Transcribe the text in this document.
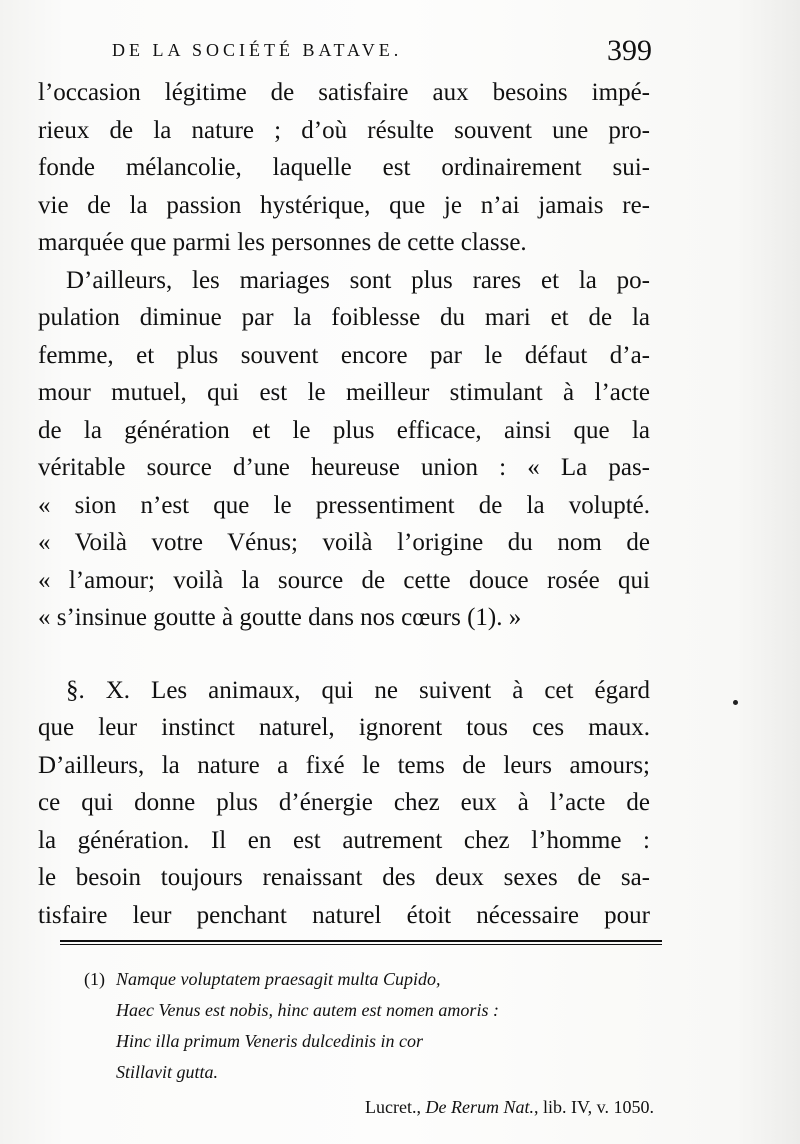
DE LA SOCIÉTÉ BATAVE.	399
l’occasion légitime de satisfaire aux besoins impé-
rieux de la nature ; d’où résulte souvent une pro-
fonde mélancolie, laquelle est ordinairement sui-
vie de la passion hystérique, que je n’ai jamais re-
marquée que parmi les personnes de cette classe.
D’ailleurs, les mariages sont plus rares et la po-
pulation diminue par la foiblesse du mari et de la
femme, et plus souvent encore par le défaut d’a-
mour mutuel, qui est le meilleur stimulant à l’acte
de la génération et le plus efficace, ainsi que la
véritable source d’une heureuse union : « La pas-
« sion n’est que le pressentiment de la volupté.
« Voilà votre Vénus; voilà l’origine du nom de
« l’amour; voilà la source de cette douce rosée qui
« s’insinue goutte à goutte dans nos cœurs (1). »
§. X. Les animaux, qui ne suivent à cet égard
que leur instinct naturel, ignorent tous ces maux.
D’ailleurs, la nature a fixé le tems de leurs amours;
ce qui donne plus d’énergie chez eux à l’acte de
la génération. Il en est autrement chez l’homme :
le besoin toujours renaissant des deux sexes de sa-
tisfaire leur penchant naturel étoit nécessaire pour
(1) Namque voluptatem praesagit multa Cupido,
Haec Venus est nobis, hinc autem est nomen amoris :
Hinc illa primum Veneris dulcedinis in cor
Stillavit gutta.
Lucret., De Rerum Nat., lib. IV, v. 1050.
